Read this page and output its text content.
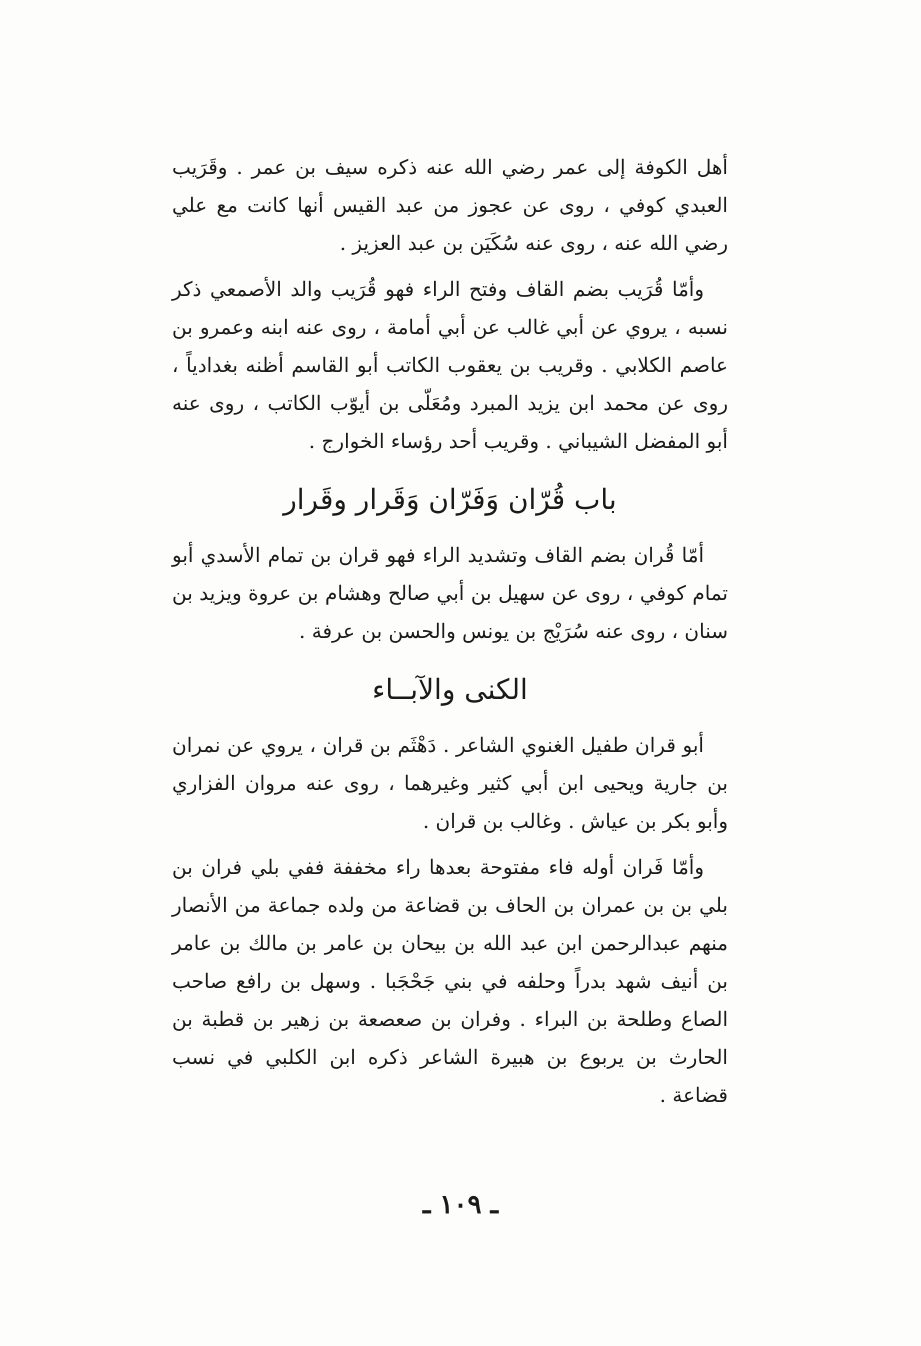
أهل الكوفة إلى عمر رضي الله عنه ذكره سيف بن عمر . وقَرَيب العبدي كوفي ، روى عن عجوز من عبد القيس أنها كانت مع علي رضي الله عنه ، روى عنه سُكَيَن بن عبد العزيز .

وأمّا قُرَيب بضم القاف وفتح الراء فهو قُرَيب والد الأصمعي ذكر نسبه ، يروي عن أبي غالب عن أبي أمامة ، روى عنه ابنه وعمرو بن عاصم الكلابي . وقريب بن يعقوب الكاتب أبو القاسم أظنه بغدادياً ، روى عن محمد ابن يزيد المبرد ومُعَلّى بن أيوّب الكاتب ، روى عنه أبو المفضل الشيباني . وقريب أحد رؤساء الخوارج .

باب قُرّان وَفَرّان وَقَرار وقَرار

أمّا قُران بضم القاف وتشديد الراء فهو قران بن تمام الأسدي أبو تمام كوفي ، روى عن سهيل بن أبي صالح وهشام بن عروة ويزيد بن سنان ، روى عنه سُرَيْج بن يونس والحسن بن عرفة .

الكنى والآبــاء

أبو قران طفيل الغنوي الشاعر . دَهْثَم بن قران ، يروي عن نمران بن جارية ويحيى ابن أبي كثير وغيرهما ، روى عنه مروان الفزاري وأبو بكر بن عياش . وغالب بن قران .

وأمّا فَران أوله فاء مفتوحة بعدها راء مخففة ففي بلي فران بن بلي بن بن عمران بن الحاف بن قضاعة من ولده جماعة من الأنصار منهم عبدالرحمن ابن عبد الله بن بيحان بن عامر بن مالك بن عامر بن أنيف شهد بدراً وحلفه في بني جَحْجَبا . وسهل بن رافع صاحب الصاع وطلحة بن البراء . وفران بن صعصعة بن زهير بن قطبة بن الحارث بن يربوع بن هبيرة الشاعر ذكره ابن الكلبي في نسب قضاعة .

ـ ١٠٩ ـ
